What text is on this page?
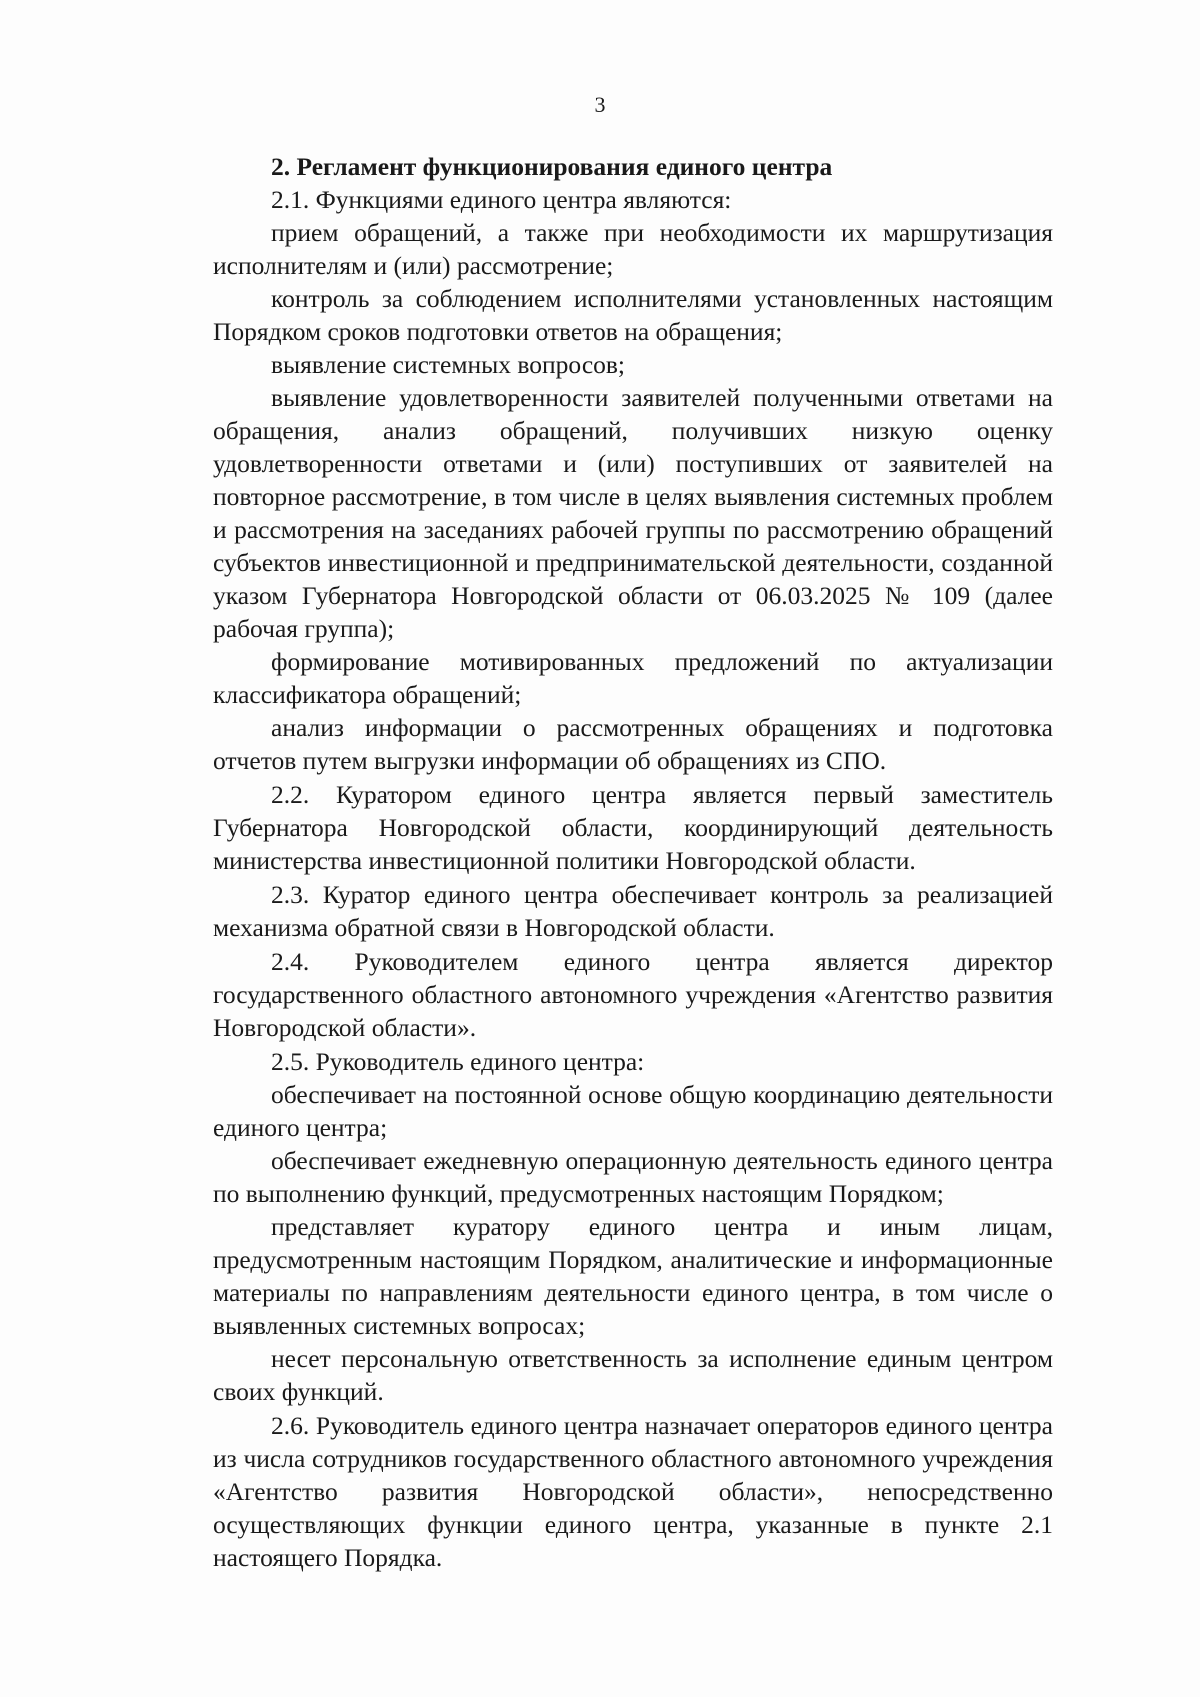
3

2. Регламент функционирования единого центра

2.1. Функциями единого центра являются:

прием обращений, а также при необходимости их маршрутизация исполнителям и (или) рассмотрение;

контроль за соблюдением исполнителями установленных настоящим Порядком сроков подготовки ответов на обращения;

выявление системных вопросов;

выявление удовлетворенности заявителей полученными ответами на обращения, анализ обращений, получивших низкую оценку удовлетворенности ответами и (или) поступивших от заявителей на повторное рассмотрение, в том числе в целях выявления системных проблем и рассмотрения на заседаниях рабочей группы по рассмотрению обращений субъектов инвестиционной и предпринимательской деятельности, созданной указом Губернатора Новгородской области от 06.03.2025 № 109 (далее рабочая группа);

формирование мотивированных предложений по актуализации классификатора обращений;

анализ информации о рассмотренных обращениях и подготовка отчетов путем выгрузки информации об обращениях из СПО.

2.2. Куратором единого центра является первый заместитель Губернатора Новгородской области, координирующий деятельность министерства инвестиционной политики Новгородской области.

2.3. Куратор единого центра обеспечивает контроль за реализацией механизма обратной связи в Новгородской области.

2.4. Руководителем единого центра является директор государственного областного автономного учреждения «Агентство развития Новгородской области».

2.5. Руководитель единого центра:

обеспечивает на постоянной основе общую координацию деятельности единого центра;

обеспечивает ежедневную операционную деятельность единого центра по выполнению функций, предусмотренных настоящим Порядком;

представляет куратору единого центра и иным лицам, предусмотренным настоящим Порядком, аналитические и информационные материалы по направлениям деятельности единого центра, в том числе о выявленных системных вопросах;

несет персональную ответственность за исполнение единым центром своих функций.

2.6. Руководитель единого центра назначает операторов единого центра из числа сотрудников государственного областного автономного учреждения «Агентство развития Новгородской области», непосредственно осуществляющих функции единого центра, указанные в пункте 2.1 настоящего Порядка.
